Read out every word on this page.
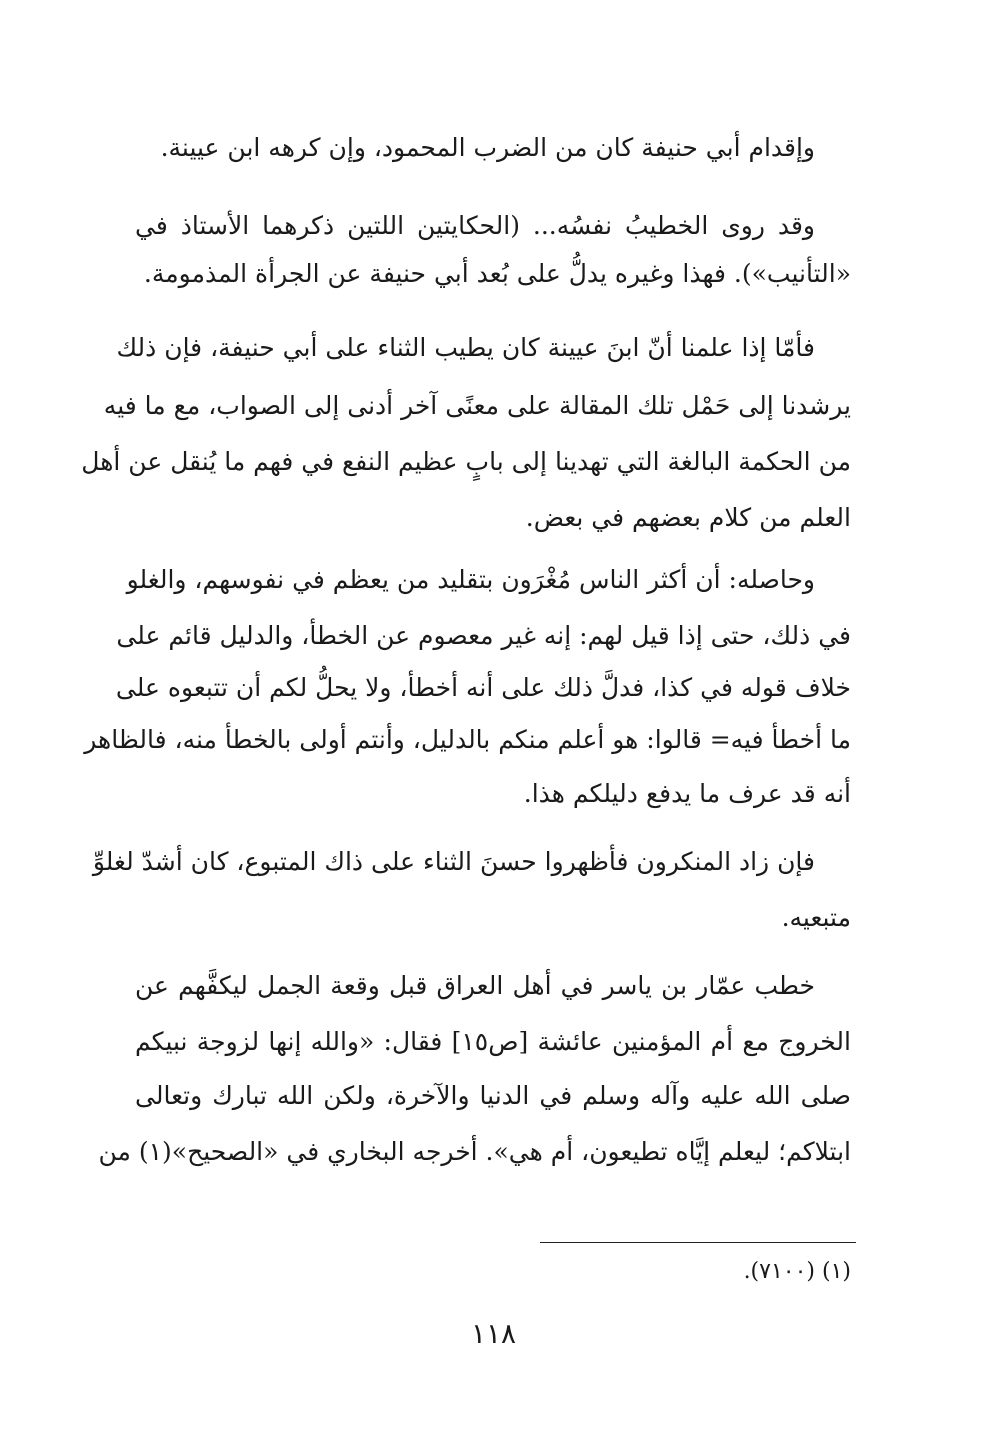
وإقدام أبي حنيفة كان من الضرب المحمود، وإن كرهه ابن عيينة.
وقد روى الخطيبُ نفسُه... (الحكايتين اللتين ذكرهما الأستاذ في
«التأنيب»). فهذا وغيره يدلُّ على بُعد أبي حنيفة عن الجرأة المذمومة.
فأمّا إذا علمنا أنّ ابنَ عيينة كان يطيب الثناء على أبي حنيفة، فإن ذلك
يرشدنا إلى حَمْل تلك المقالة على معنًى آخر أدنى إلى الصواب، مع ما فيه
من الحكمة البالغة التي تهدينا إلى بابٍ عظيم النفع في فهم ما يُنقل عن أهل
العلم من كلام بعضهم في بعض.
وحاصله: أن أكثر الناس مُغْرَون بتقليد من يعظم في نفوسهم، والغلو
في ذلك، حتى إذا قيل لهم: إنه غير معصوم عن الخطأ، والدليل قائم على
خلاف قوله في كذا، فدلَّ ذلك على أنه أخطأ، ولا يحلُّ لكم أن تتبعوه على
ما أخطأ فيه= قالوا: هو أعلم منكم بالدليل، وأنتم أولى بالخطأ منه، فالظاهر
أنه قد عرف ما يدفع دليلكم هذا.
فإن زاد المنكرون فأظهروا حسنَ الثناء على ذاك المتبوع، كان أشدّ لغلوِّ
متبعيه.
خطب عمّار بن ياسر في أهل العراق قبل وقعة الجمل ليكفَّهم عن
الخروج مع أم المؤمنين عائشة [ص١٥] فقال: «والله إنها لزوجة نبيكم
صلى الله عليه وآله وسلم في الدنيا والآخرة، ولكن الله تبارك وتعالى
ابتلاكم؛ ليعلم إيَّاه تطيعون، أم هي». أخرجه البخاري في «الصحيح»(١) من
(١) (٧١٠٠).
١١٨
